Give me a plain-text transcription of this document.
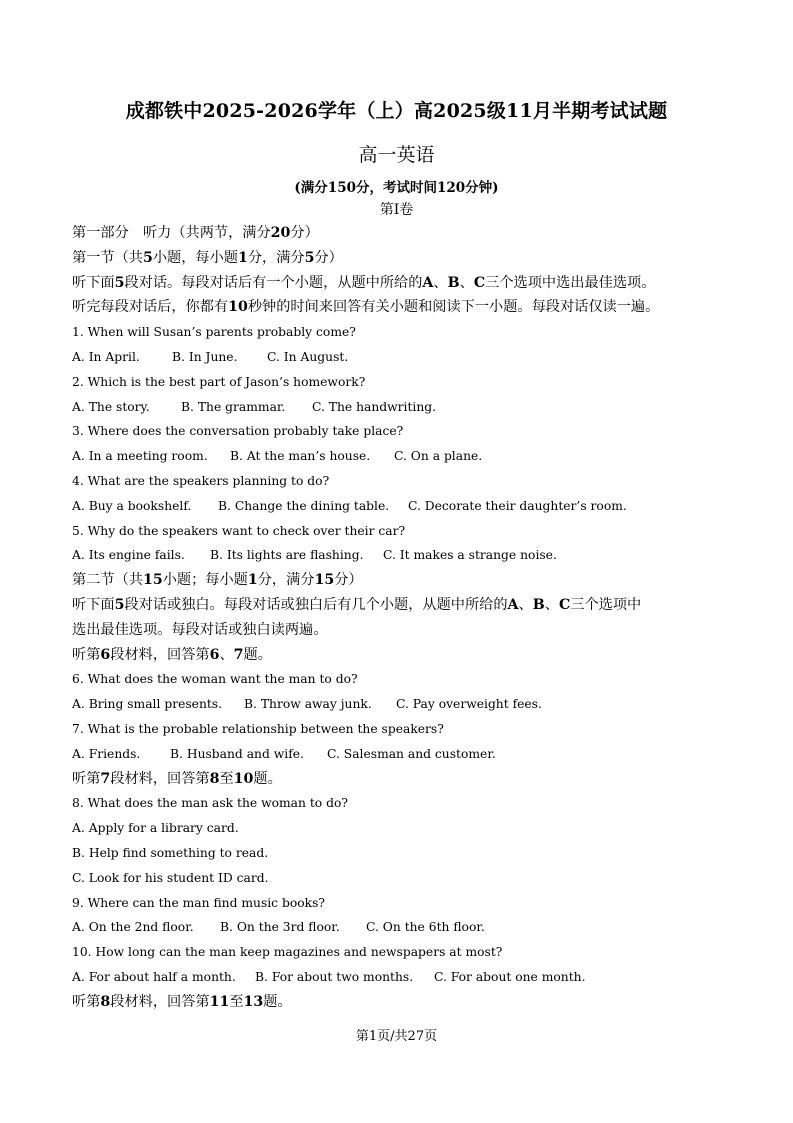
成都铁中2025-2026学年（上）高2025级11月半期考试试题
高一英语
(满分150分，考试时间120分钟)
第I卷
第一部分　听力（共两节，满分20分）
第一节（共5小题，每小题1分，满分5分）
听下面5段对话。每段对话后有一个小题，从题中所给的A、B、C三个选项中选出最佳选项。
听完每段对话后，你都有10秒钟的时间来回答有关小题和阅读下一小题。每段对话仅读一遍。
1. When will Susan’s parents probably come?
A. In April.	B. In June. C. In August.
2. Which is the best part of Jason’s homework?
A. The story.	B. The grammar. C. The handwriting.
3. Where does the conversation probably take place?
A. In a meeting room. B. At the man’s house. C. On a plane.
4. What are the speakers planning to do?
A. Buy a bookshelf. B. Change the dining table. C. Decorate their daughter’s room.
5. Why do the speakers want to check over their car?
A. Its engine fails. B. Its lights are flashing. C. It makes a strange noise.
第二节（共15小题；每小题1分，满分15分）
听下面5段对话或独白。每段对话或独白后有几个小题，从题中所给的A、B、C三个选项中
选出最佳选项。每段对话或独白读两遍。
听第6段材料，回答第6、7题。
6. What does the woman want the man to do?
A. Bring small presents. B. Throw away junk. C. Pay overweight fees.
7. What is the probable relationship between the speakers?
A. Friends. B. Husband and wife. C. Salesman and customer.
听第7段材料，回答第8至10题。
8. What does the man ask the woman to do?
A. Apply for a library card.
B. Help find something to read.
C. Look for his student ID card.
9. Where can the man find music books?
A. On the 2nd floor. B. On the 3rd floor. C. On the 6th floor.
10. How long can the man keep magazines and newspapers at most?
A. For about half a month. B. For about two months. C. For about one month.
听第8段材料，回答第11至13题。
第1页/共27页
